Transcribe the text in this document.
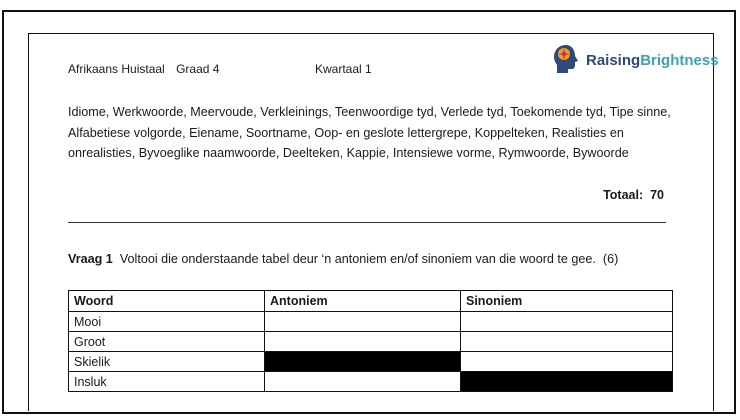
Afrikaans Huistaal Graad 4	Kwartaal 1
RaisingBrightness
Idiome, Werkwoorde, Meervoude, Verkleinings, Teenwoordige tyd, Verlede tyd, Toekomende tyd, Tipe sinne, Alfabetiese volgorde, Eiename, Soortname, Oop- en geslote lettergrepe, Koppelteken, Realisties en onrealisties, Byvoeglike naamwoorde, Deelteken, Kappie, Intensiewe vorme, Rymwoorde, Bywoorde
Totaal: 70
Vraag 1 Voltooi die onderstaande tabel deur ‘n antoniem en/of sinoniem van die woord te gee. (6)
Woord	Antoniem	Sinoniem
Mooi		
Groot		
Skielik		
Insluk		
